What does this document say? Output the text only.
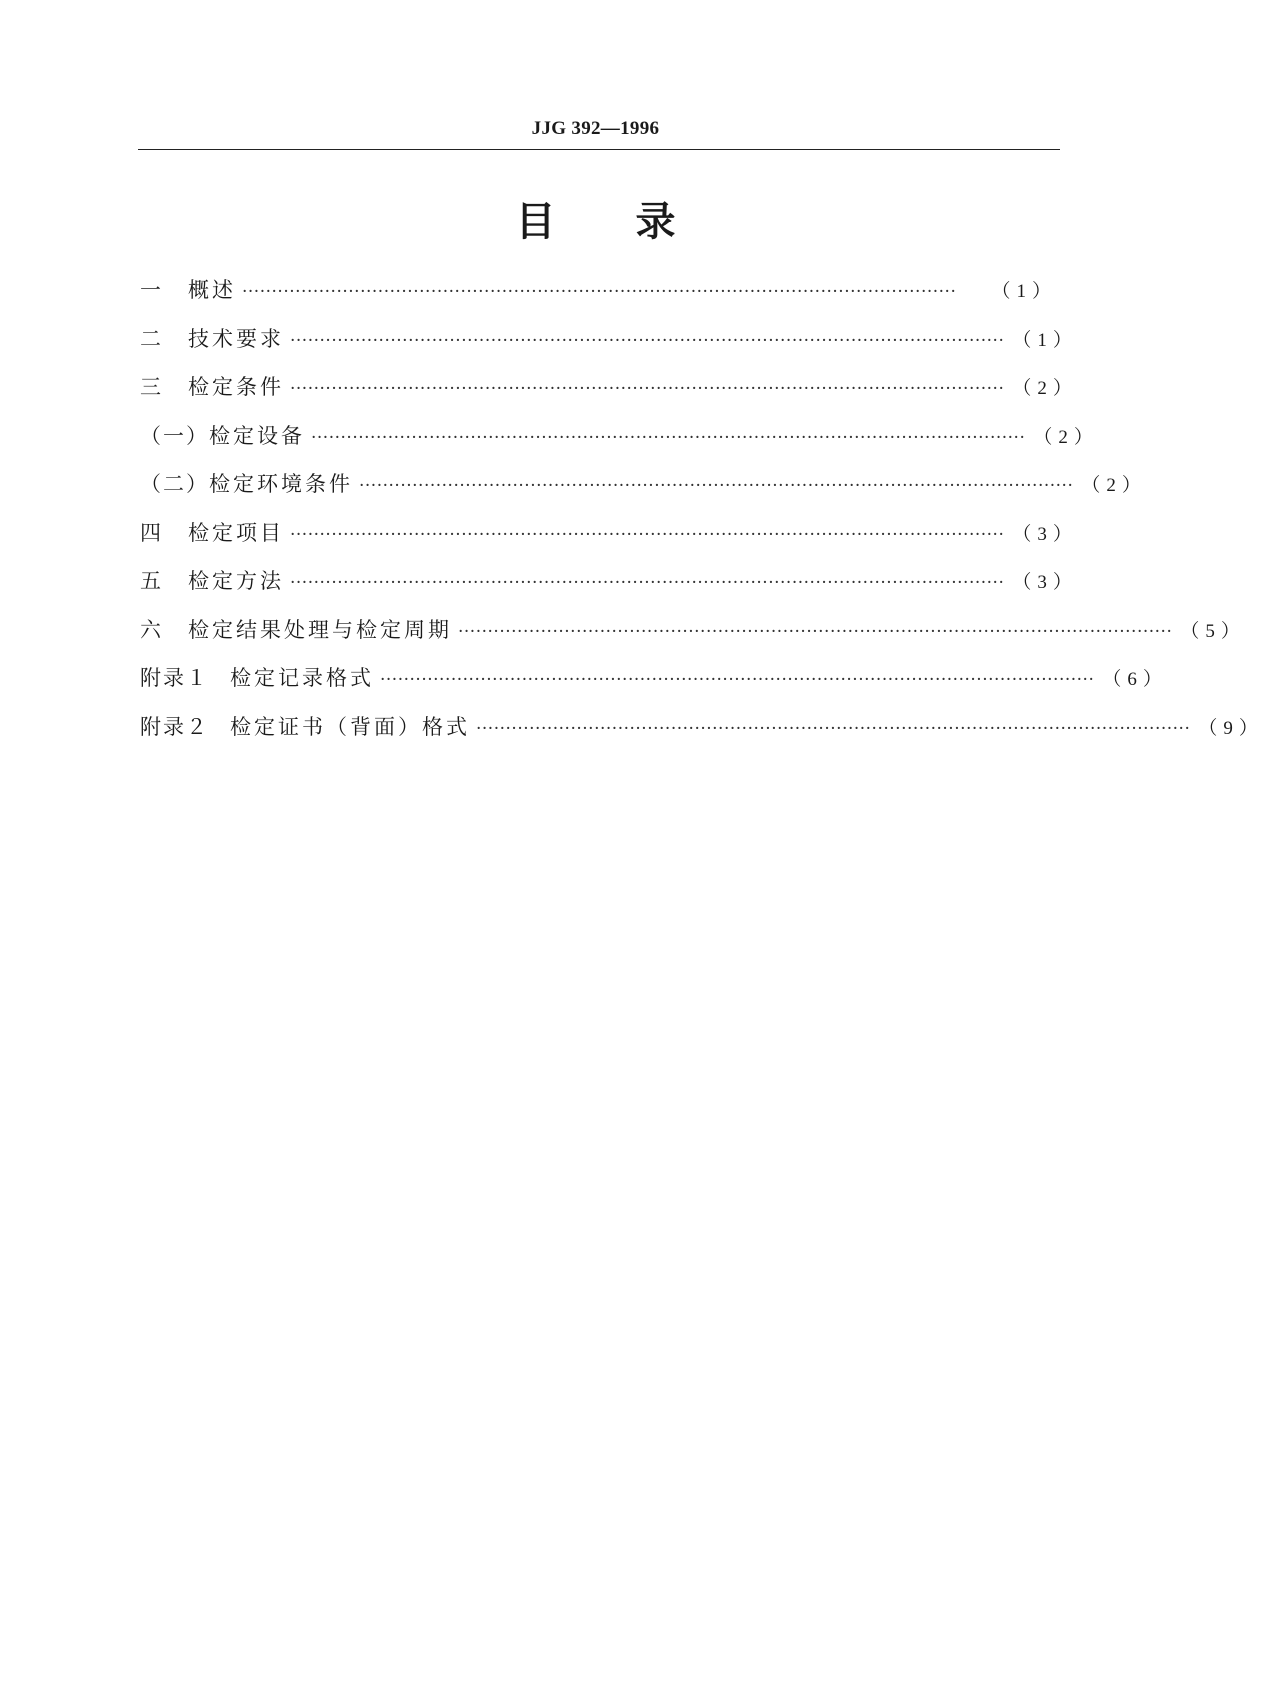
JJG 392—1996
目 录
一	概述 ·························································································································	（1）
二	技术要求 ························································································································· （1）
三	检定条件 ························································································································· （2）
（一） 检定设备 ························································································································· （2）
（二） 检定环境条件 ························································································································· （2）
四	检定项目 ························································································································· （3）
五	检定方法 ························································································································· （3）
六	检定结果处理与检定周期 ························································································································· （5）
附录１	检定记录格式 ························································································································· （6）
附录２	检定证书（背面）格式 ························································································································· （9）
